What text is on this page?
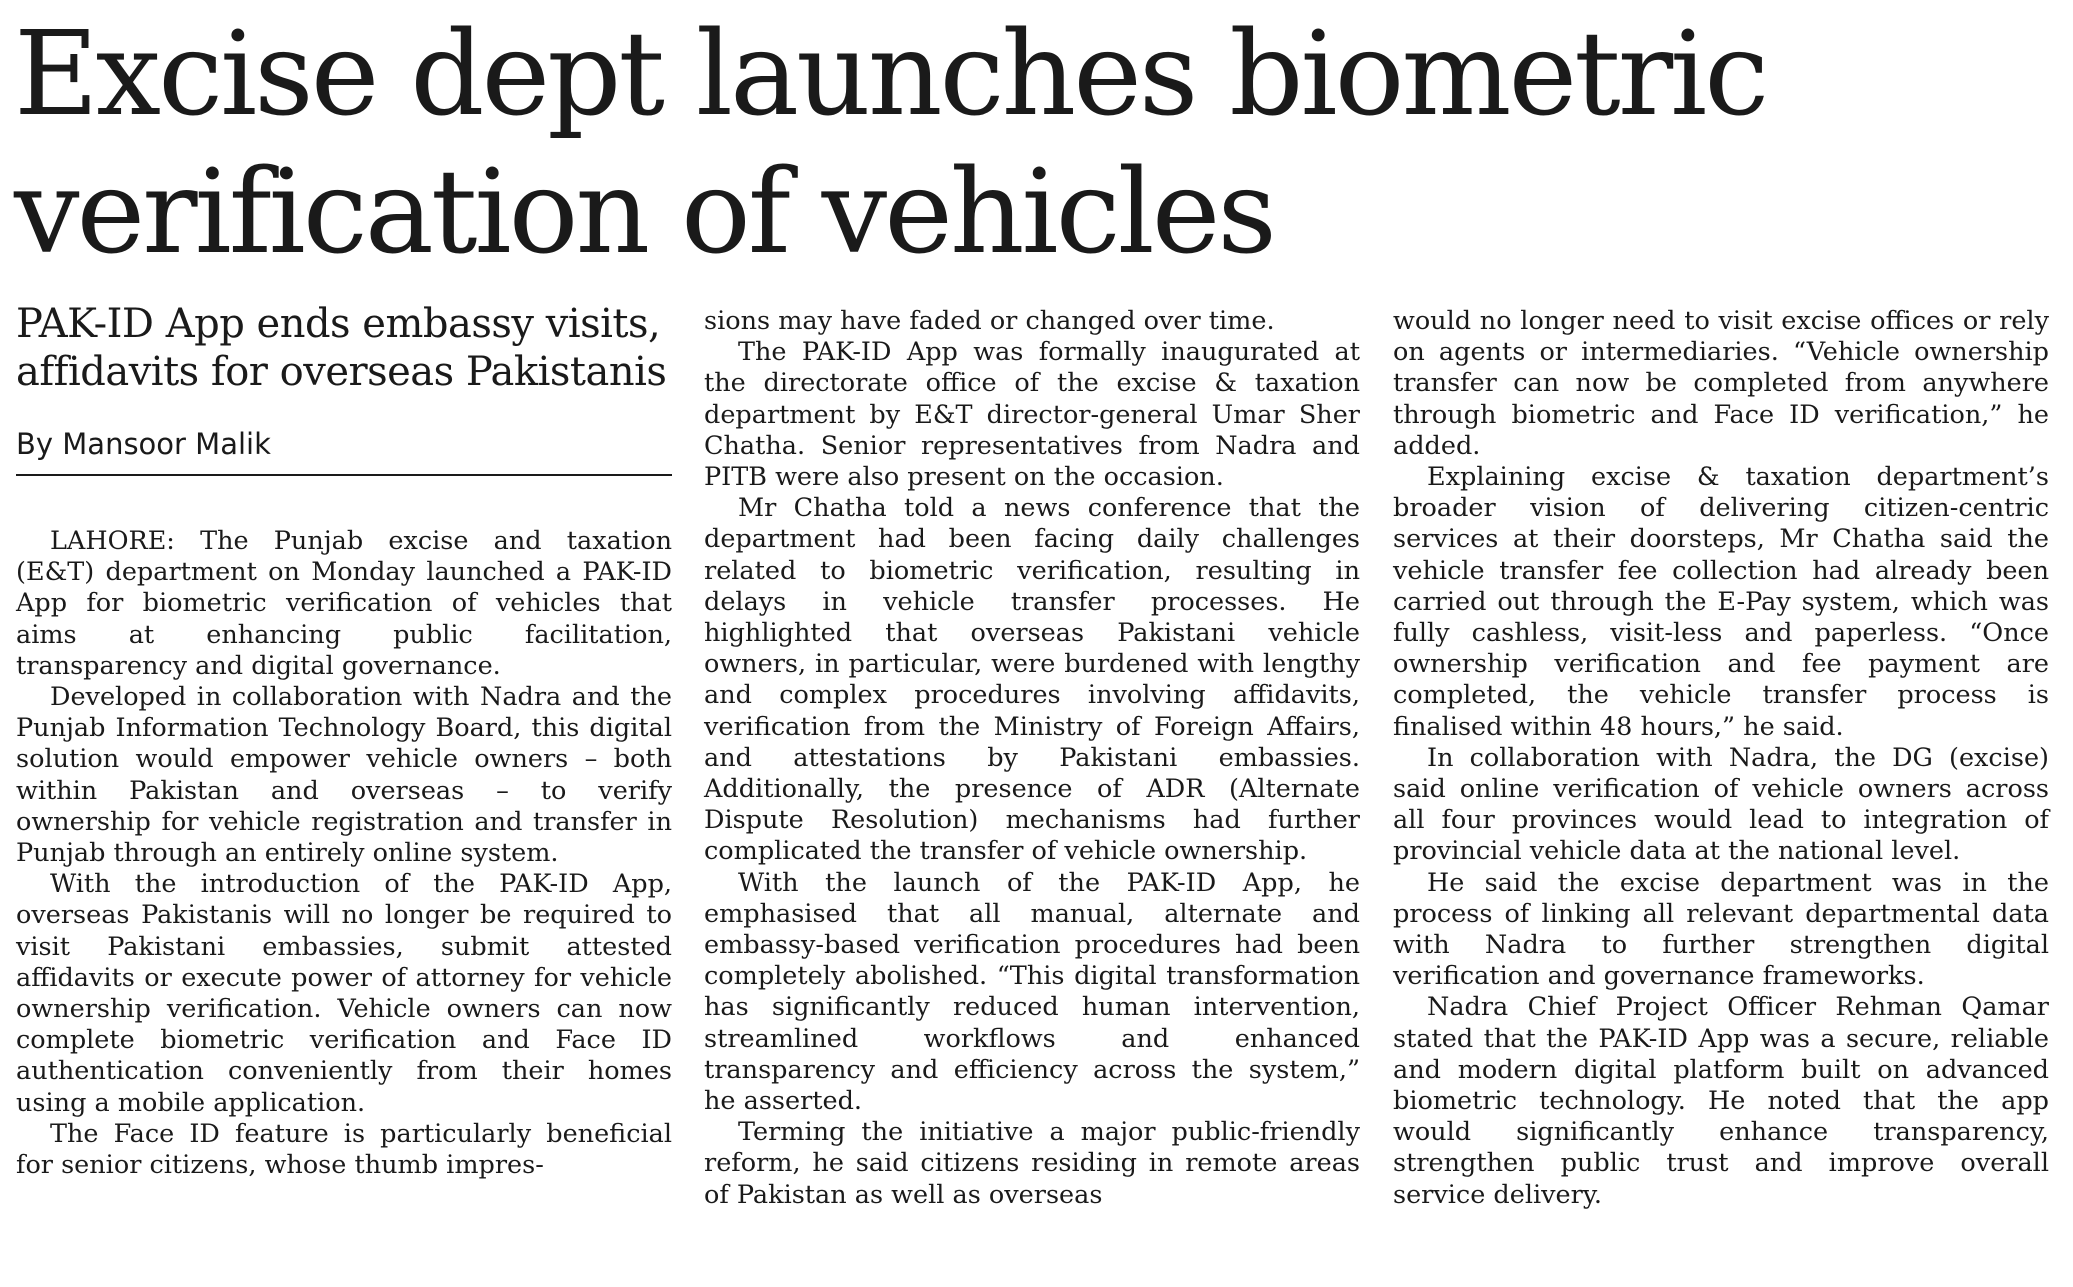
Excise dept launches biometric verification of vehicles
PAK-ID App ends embassy visits, affidavits for overseas Pakistanis
By Mansoor Malik

LAHORE: The Punjab excise and taxation (E&T) department on Monday launched a PAK-ID App for biometric verification of vehicles that aims at enhancing public facilitation, transparency and digital governance.

Developed in collaboration with Nadra and the Punjab Information Technology Board, this digital solution would empower vehicle owners – both within Pakistan and overseas – to verify ownership for vehicle registration and transfer in Punjab through an entirely online system.

With the introduction of the PAK-ID App, overseas Pakistanis will no longer be required to visit Pakistani embassies, submit attested affidavits or execute power of attorney for vehicle ownership verification. Vehicle owners can now complete biometric verification and Face ID authentication conveniently from their homes using a mobile application.

The Face ID feature is particularly beneficial for senior citizens, whose thumb impres-

sions may have faded or changed over time.

The PAK-ID App was formally inaugurated at the directorate office of the excise & taxation department by E&T director-general Umar Sher Chatha. Senior representatives from Nadra and PITB were also present on the occasion.

Mr Chatha told a news conference that the department had been facing daily challenges related to biometric verification, resulting in delays in vehicle transfer processes. He highlighted that overseas Pakistani vehicle owners, in particular, were burdened with lengthy and complex procedures involving affidavits, verification from the Ministry of Foreign Affairs, and attestations by Pakistani embassies. Additionally, the presence of ADR (Alternate Dispute Resolution) mechanisms had further complicated the transfer of vehicle ownership.

With the launch of the PAK-ID App, he emphasised that all manual, alternate and embassy-based verification procedures had been completely abolished. “This digital transformation has significantly reduced human intervention, streamlined workflows and enhanced transparency and efficiency across the system,” he asserted.

Terming the initiative a major public-friendly reform, he said citizens residing in remote areas of Pakistan as well as overseas

would no longer need to visit excise offices or rely on agents or intermediaries. “Vehicle ownership transfer can now be completed from anywhere through biometric and Face ID verification,” he added.

Explaining excise & taxation department’s broader vision of delivering citizen-centric services at their doorsteps, Mr Chatha said the vehicle transfer fee collection had already been carried out through the E-Pay system, which was fully cashless, visit-less and paperless. “Once ownership verification and fee payment are completed, the vehicle transfer process is finalised within 48 hours,” he said.

In collaboration with Nadra, the DG (excise) said online verification of vehicle owners across all four provinces would lead to integration of provincial vehicle data at the national level.

He said the excise department was in the process of linking all relevant departmental data with Nadra to further strengthen digital verification and governance frameworks.

Nadra Chief Project Officer Rehman Qamar stated that the PAK-ID App was a secure, reliable and modern digital platform built on advanced biometric technology. He noted that the app would significantly enhance transparency, strengthen public trust and improve overall service delivery.
